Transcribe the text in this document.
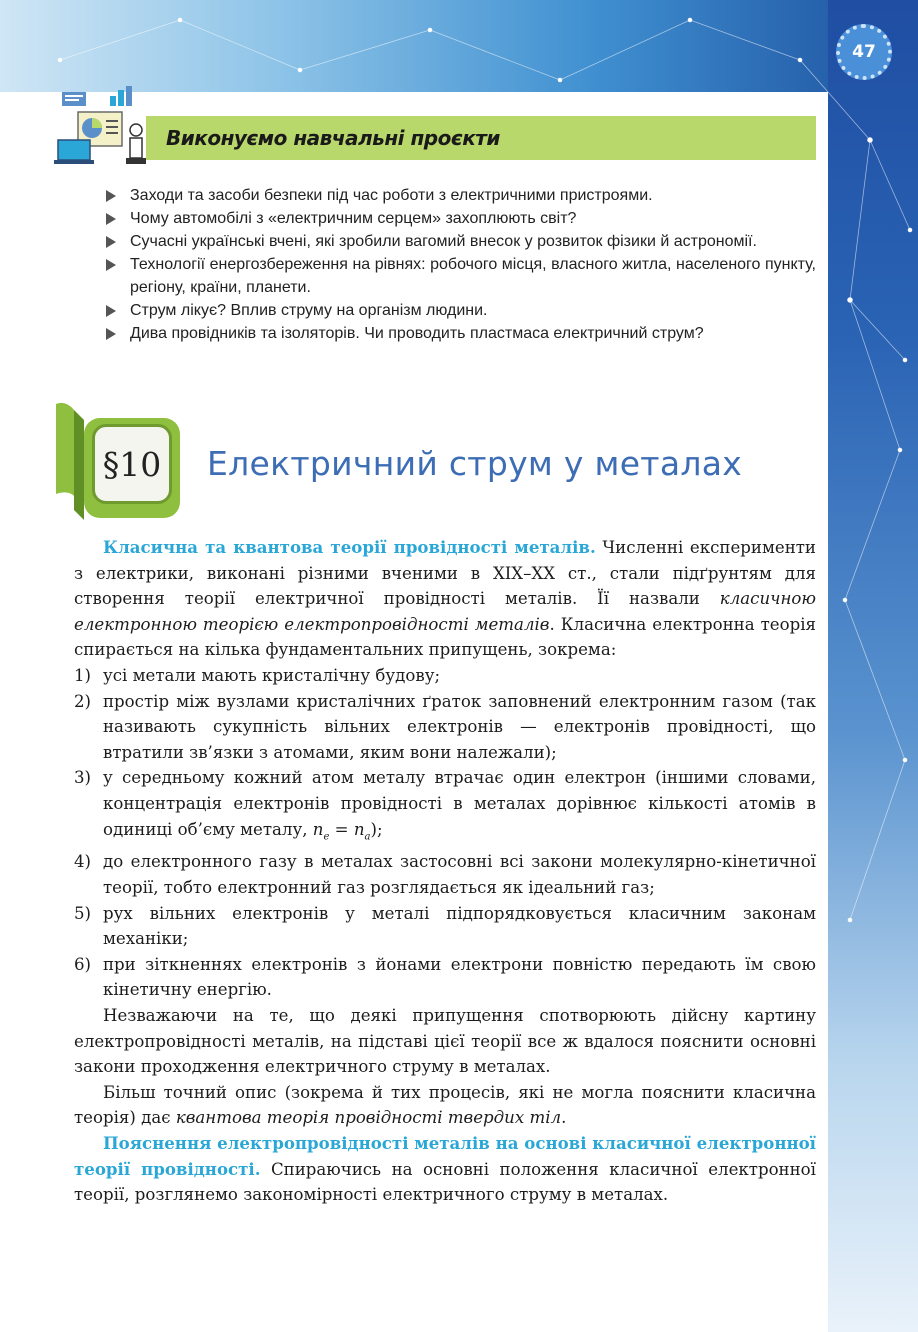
47
Виконуємо навчальні проєкти
Заходи та засоби безпеки під час роботи з електричними пристроями.
Чому автомобілі з «електричним серцем» захоплюють світ?
Сучасні українські вчені, які зробили вагомий внесок у розвиток фізики й астрономії.
Технології енергозбереження на рівнях: робочого місця, власного житла, населеного пункту, регіону, країни, планети.
Струм лікує? Вплив струму на організм людини.
Дива провідників та ізоляторів. Чи проводить пластмаса електричний струм?
§10	Електричний струм у металах

Класична та квантова теорії провідності металів. Численні експерименти з електрики, виконані різними вченими в XIX–XX ст., стали підґрунтям для створення теорії електричної провідності металів. Її назвали класичною електронною теорією електропровідності металів. Класична електронна теорія спирається на кілька фундаментальних припущень, зокрема:

1) усі метали мають кристалічну будову;
2) простір між вузлами кристалічних ґраток заповнений електронним газом (так називають сукупність вільних електронів — електронів провідності, що втратили зв’язки з атомами, яким вони належали);
3) у середньому кожний атом металу втрачає один електрон (іншими словами, концентрація електронів провідності в металах дорівнює кількості атомів в одиниці об’єму металу, $n_e = n_a$);
4) до електронного газу в металах застосовні всі закони молекулярно-кінетичної теорії, тобто електронний газ розглядається як ідеальний газ;
5) рух вільних електронів у металі підпорядковується класичним законам механіки;
6) при зіткненнях електронів з йонами електрони повністю передають їм свою кінетичну енергію.

Незважаючи на те, що деякі припущення спотворюють дійсну картину електропровідності металів, на підставі цієї теорії все ж вдалося пояснити основні закони проходження електричного струму в металах.

Більш точний опис (зокрема й тих процесів, які не могла пояснити класична теорія) дає квантова теорія провідності твердих тіл.

Пояснення електропровідності металів на основі класичної електронної теорії провідності. Спираючись на основні положення класичної електронної теорії, розглянемо закономірності електричного струму в металах.
